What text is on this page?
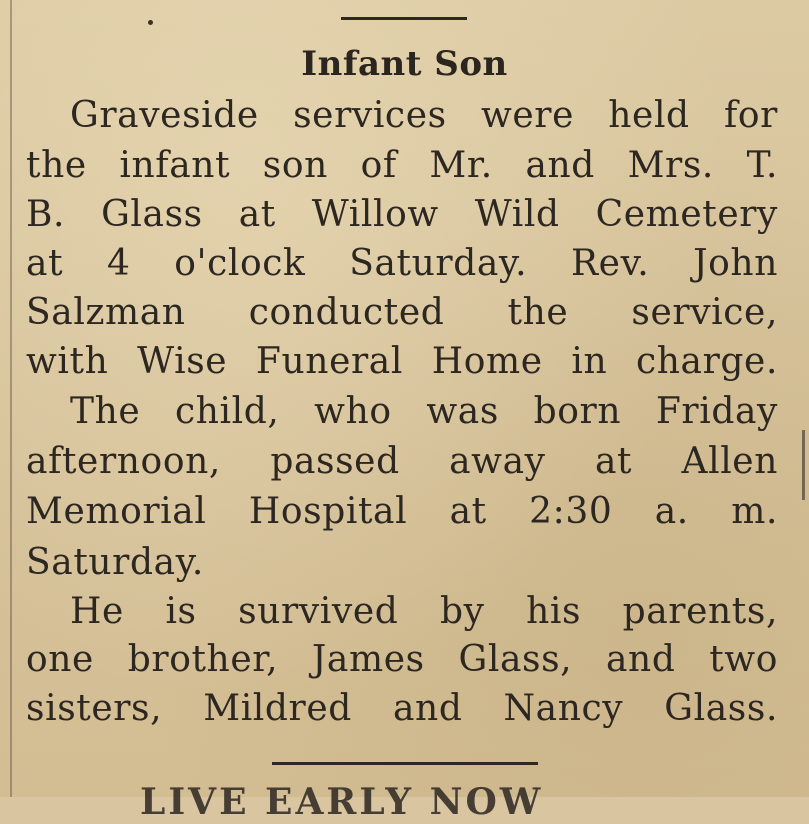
Infant Son
Graveside services were held for
the infant son of Mr. and Mrs. T.
B. Glass at Willow Wild Cemetery
at 4 o'clock Saturday. Rev. John
Salzman conducted the service,
with Wise Funeral Home in charge.
The child, who was born Friday
afternoon, passed away at Allen
Memorial Hospital at 2:30 a. m.
Saturday.
He is survived by his parents,
one brother, James Glass, and two
sisters, Mildred and Nancy Glass.
LIVE EARLY NOW
